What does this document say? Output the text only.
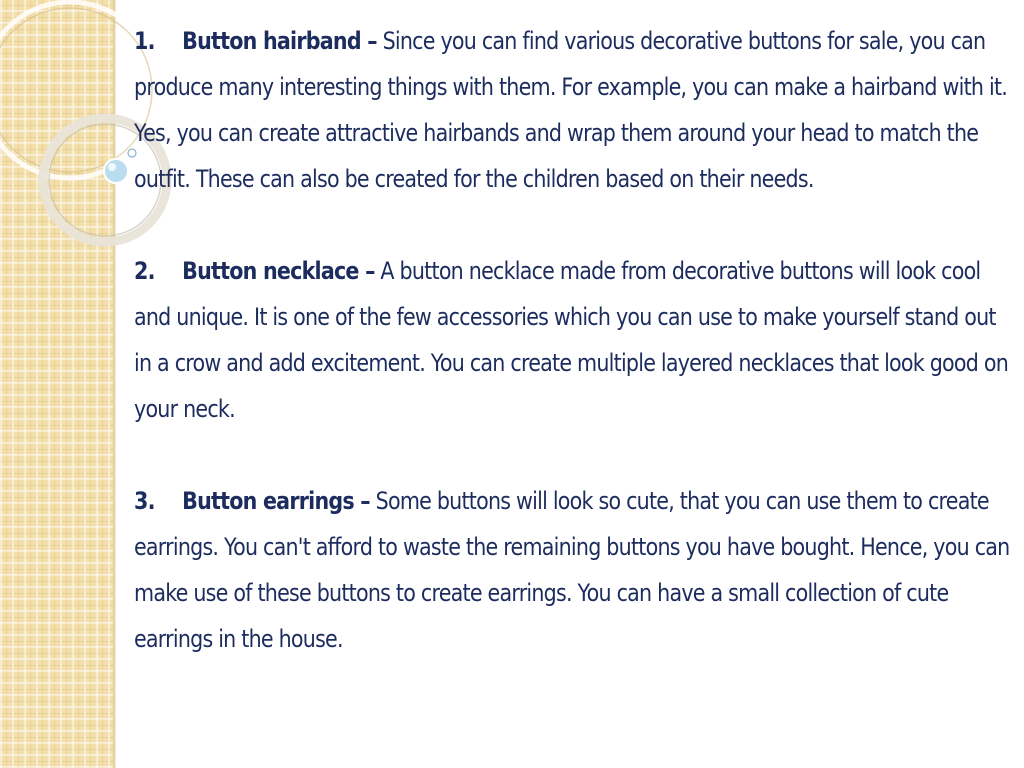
1. Button hairband – Since you can find various decorative buttons for sale, you can produce many interesting things with them. For example, you can make a hairband with it. Yes, you can create attractive hairbands and wrap them around your head to match the outfit. These can also be created for the children based on their needs.

2. Button necklace – A button necklace made from decorative buttons will look cool and unique. It is one of the few accessories which you can use to make yourself stand out in a crow and add excitement. You can create multiple layered necklaces that look good on your neck.

3. Button earrings – Some buttons will look so cute, that you can use them to create earrings. You can't afford to waste the remaining buttons you have bought. Hence, you can make use of these buttons to create earrings. You can have a small collection of cute earrings in the house.
